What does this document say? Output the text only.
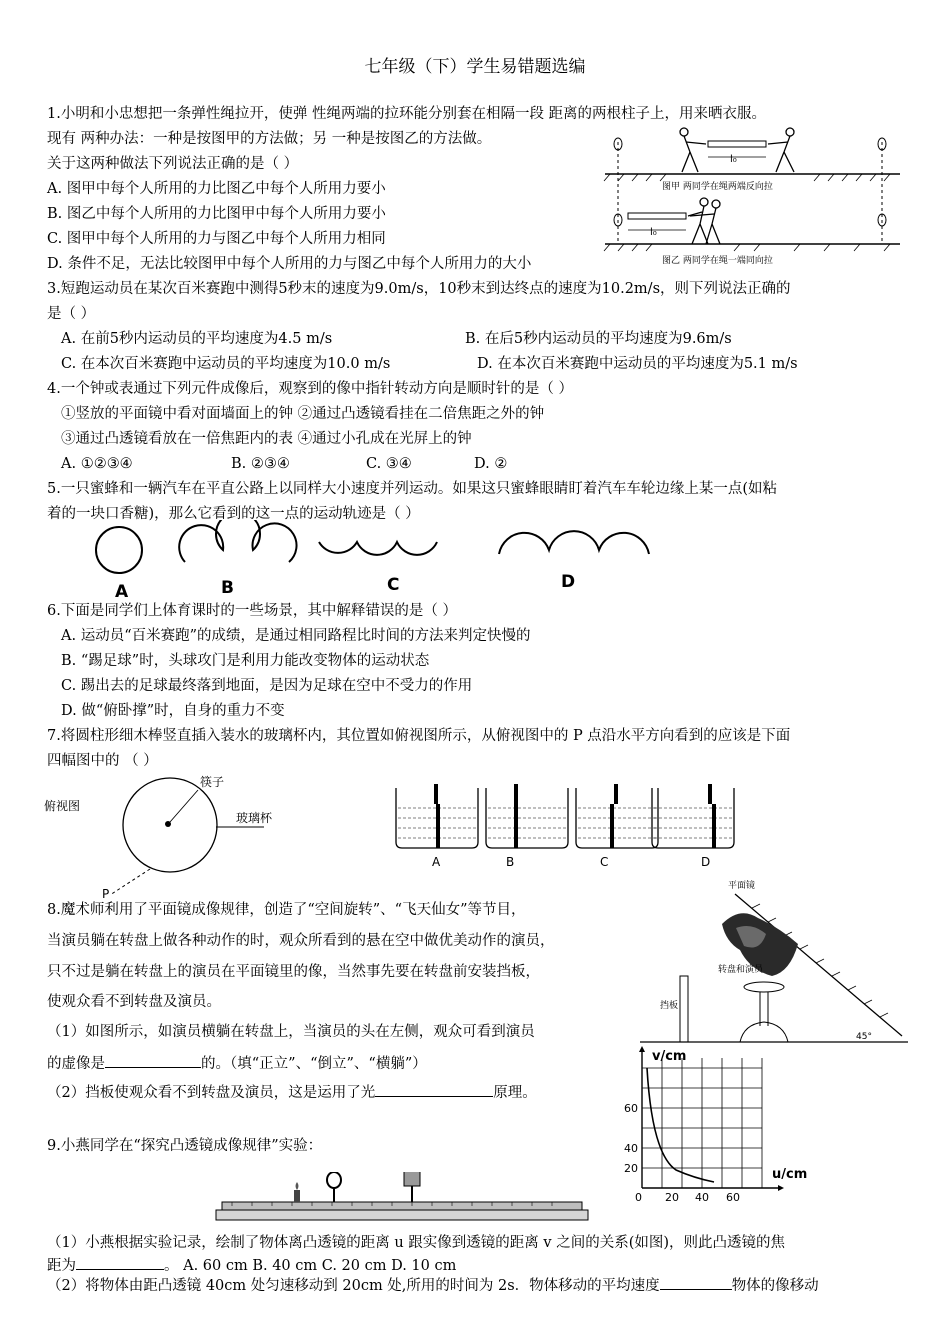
七年级（下）学生易错题选编
1.小明和小忠想把一条弹性绳拉开，使弹 性绳两端的拉环能分别套在相隔一段 距离的两根柱子上，用来晒衣服。
现有 两种办法：一种是按图甲的方法做；另 一种是按图乙的方法做。
关于这两种做法下列说法正确的是（ ）
A. 图甲中每个人所用的力比图乙中每个人所用力要小
B. 图乙中每个人所用的力比图甲中每个人所用力要小
C. 图甲中每个人所用的力与图乙中每个人所用力相同
D. 条件不足，无法比较图甲中每个人所用的力与图乙中每个人所用力的大小
l₀
图甲 两同学在绳两端反向拉
l₀
图乙 两同学在绳一端同向拉
3.短跑运动员在某次百米赛跑中测得5秒末的速度为9.0m/s，10秒末到达终点的速度为10.2m/s，则下列说法正确的
是（ ）
A. 在前5秒内运动员的平均速度为4.5 m/s	B. 在后5秒内运动员的平均速度为9.6m/s
C. 在本次百米赛跑中运动员的平均速度为10.0 m/s	D. 在本次百米赛跑中运动员的平均速度为5.1 m/s
4.一个钟或表通过下列元件成像后，观察到的像中指针转动方向是顺时针的是（ ）
①竖放的平面镜中看对面墙面上的钟 ②通过凸透镜看挂在二倍焦距之外的钟
③通过凸透镜看放在一倍焦距内的表 ④通过小孔成在光屏上的钟
A. ①②③④	B. ②③④	C. ③④	D. ②
5.一只蜜蜂和一辆汽车在平直公路上以同样大小速度并列运动。如果这只蜜蜂眼睛盯着汽车车轮边缘上某一点(如粘
着的一块口香糖)，那么它看到的这一点的运动轨迹是（ ）
A	B	C	D
6.下面是同学们上体育课时的一些场景，其中解释错误的是（ ）
A. 运动员“百米赛跑”的成绩，是通过相同路程比时间的方法来判定快慢的
B. “踢足球”时，头球攻门是利用力能改变物体的运动状态
C. 踢出去的足球最终落到地面，是因为足球在空中不受力的作用
D. 做“俯卧撑”时，自身的重力不变
7.将圆柱形细木棒竖直插入装水的玻璃杯内，其位置如俯视图所示，从俯视图中的 P 点沿水平方向看到的应该是下面
四幅图中的 （ ）
俯视图
筷子
玻璃杯
P
A	B	C	D
8.魔术师利用了平面镜成像规律，创造了“空间旋转”、“飞天仙女”等节目，
当演员躺在转盘上做各种动作的时，观众所看到的悬在空中做优美动作的演员，
只不过是躺在转盘上的演员在平面镜里的像，当然事先要在转盘前安装挡板，
使观众看不到转盘及演员。
（1）如图所示，如演员横躺在转盘上，当演员的头在左侧，观众可看到演员
的虚像是	的。（填“正立”、“倒立”、“横躺”）
（2）挡板使观众看不到转盘及演员，这是运用了光	原理。
平面镜
转盘和演员
挡板
45°
v/cm
u/cm
60
40
20
0 20 40 60
9.小燕同学在“探究凸透镜成像规律”实验：
（1）小燕根据实验记录，绘制了物体离凸透镜的距离 u 跟实像到透镜的距离 v 之间的关系(如图)，则此凸透镜的焦
距为	。 A. 60 cm B. 40 cm C. 20 cm D. 10 cm
（2）将物体由距凸透镜 40cm 处匀速移动到 20cm 处,所用的时间为 2s．物体移动的平均速度	物体的像移动
